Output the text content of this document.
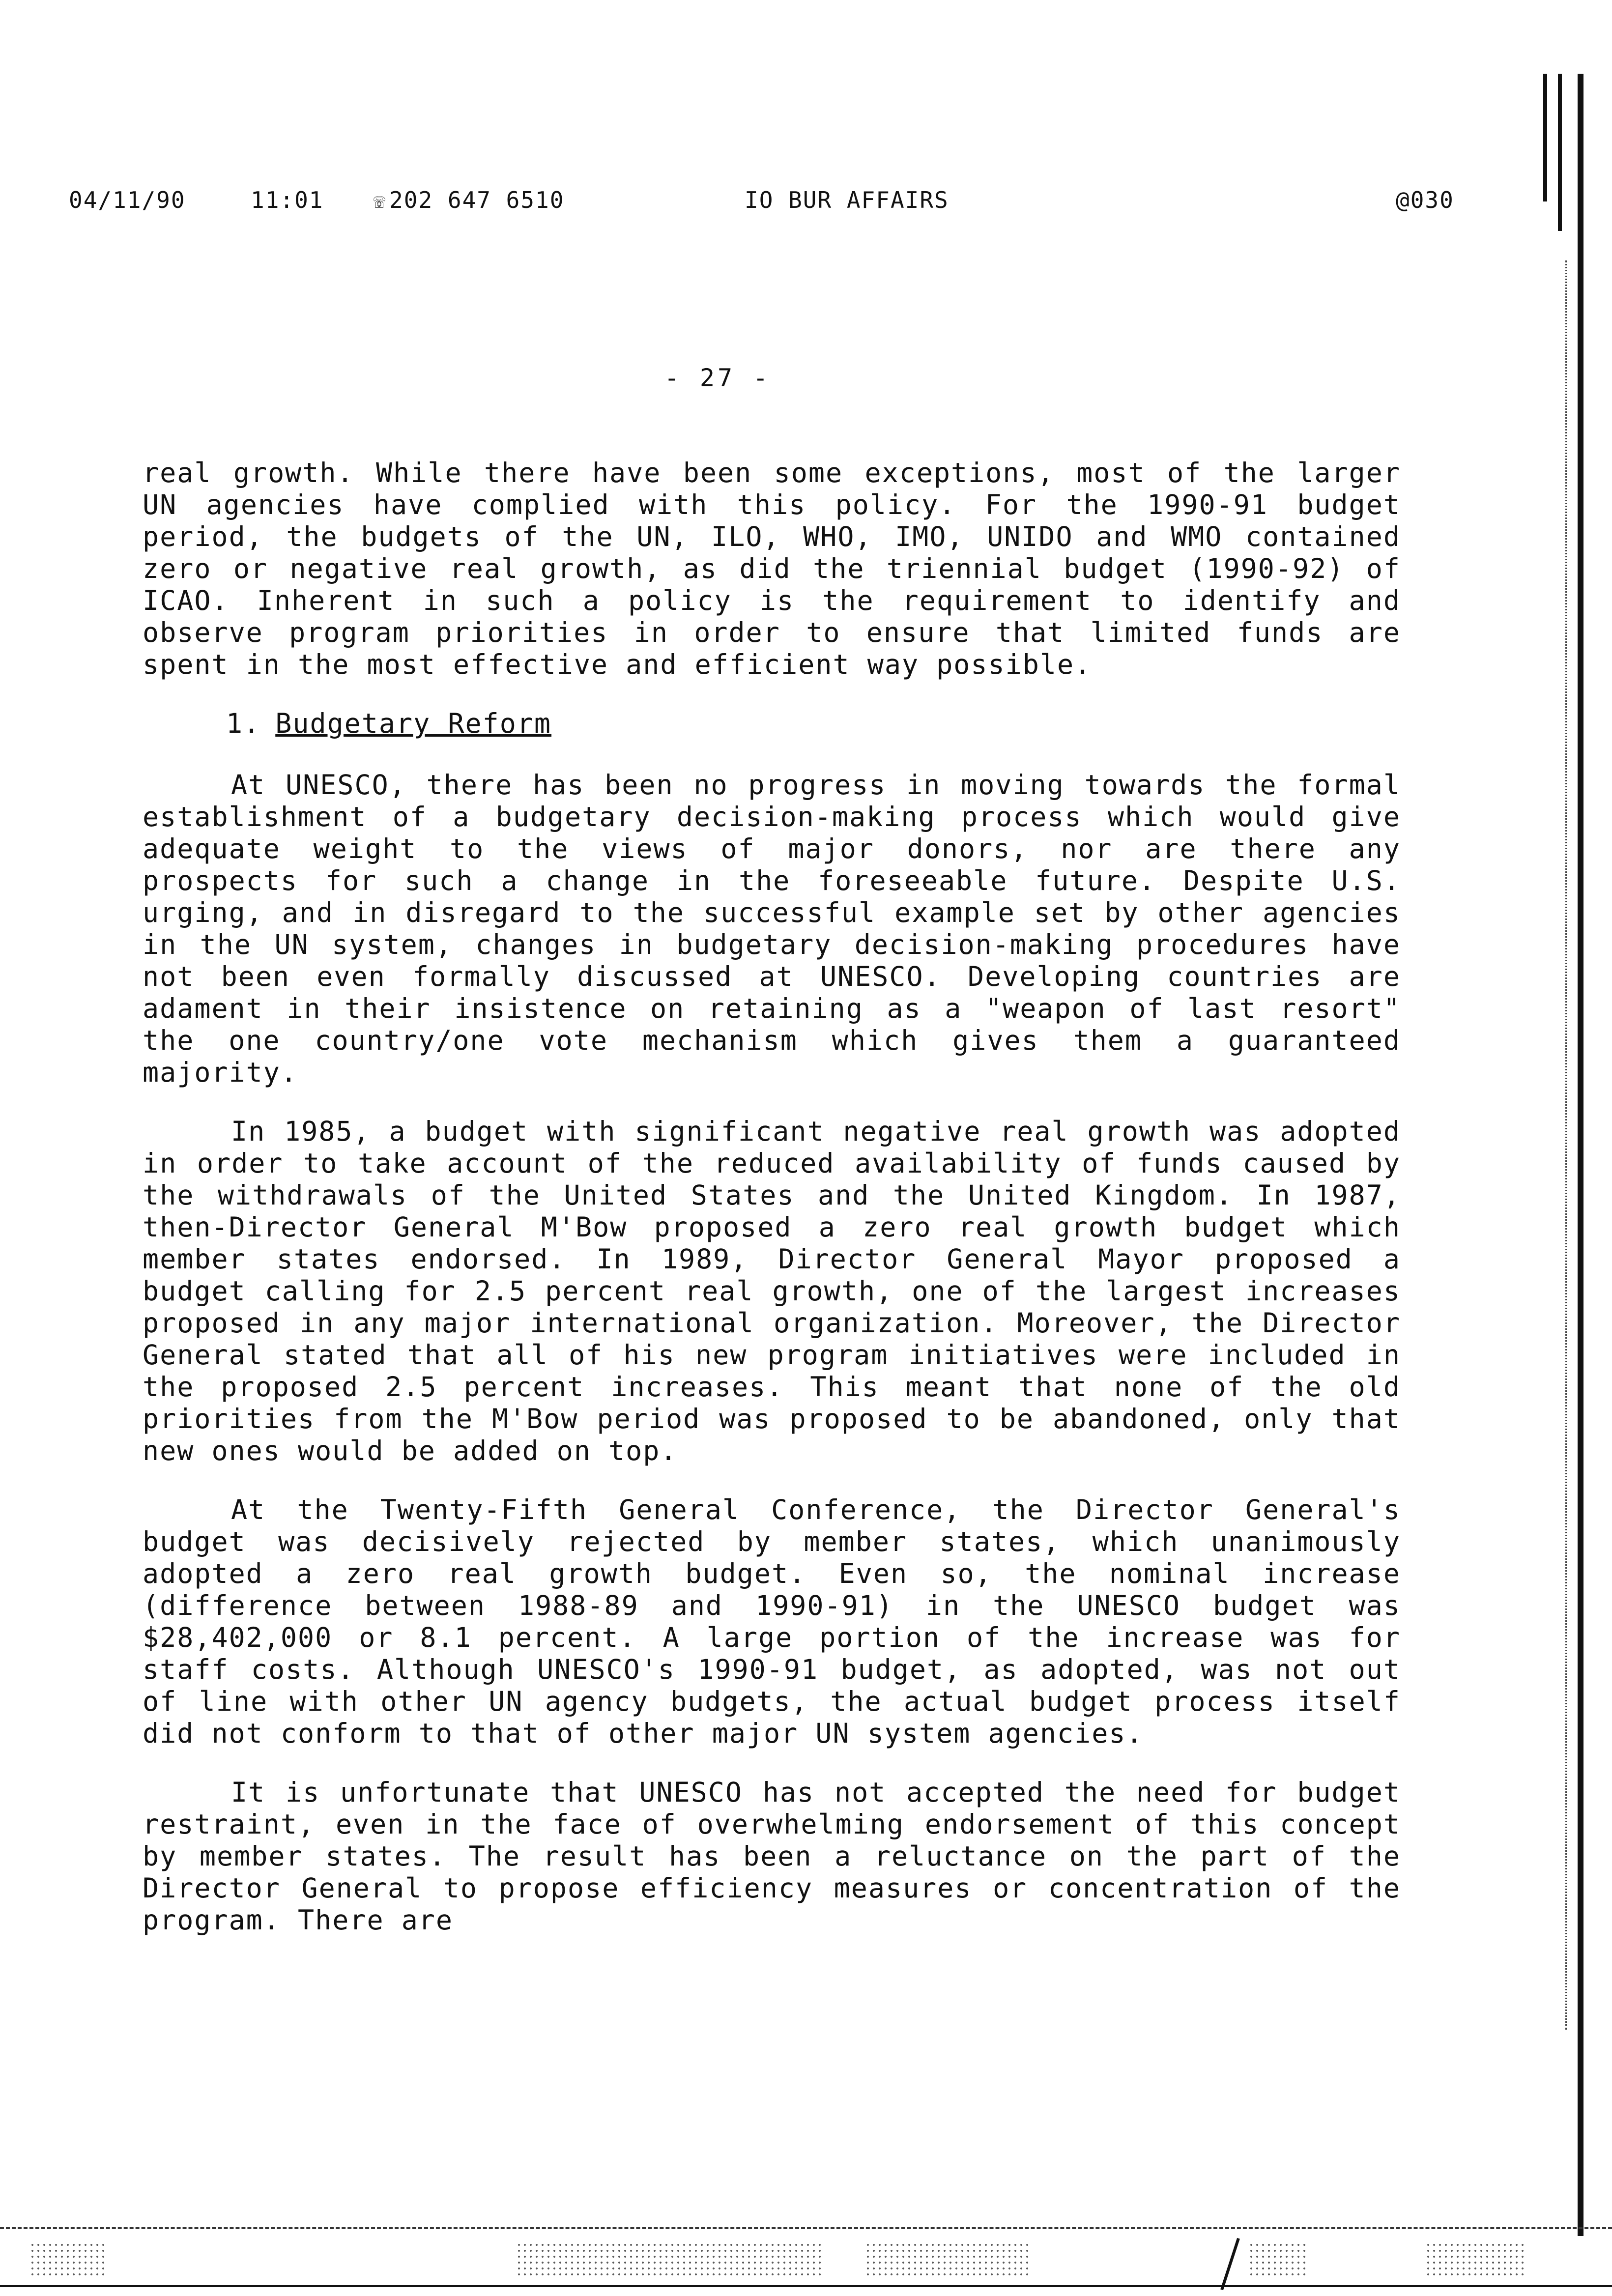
04/11/90	11:01	☏ 202 647 6510	IO BUR AFFAIRS	@030
- 27 -

real growth. While there have been some exceptions, most of the larger UN agencies have complied with this policy. For the 1990-91 budget period, the budgets of the UN, ILO, WHO, IMO, UNIDO and WMO contained zero or negative real growth, as did the triennial budget (1990-92) of ICAO. Inherent in such a policy is the requirement to identify and observe program priorities in order to ensure that limited funds are spent in the most effective and efficient way possible.

1. Budgetary Reform

At UNESCO, there has been no progress in moving towards the formal establishment of a budgetary decision-making process which would give adequate weight to the views of major donors, nor are there any prospects for such a change in the foreseeable future. Despite U.S. urging, and in disregard to the successful example set by other agencies in the UN system, changes in budgetary decision-making procedures have not been even formally discussed at UNESCO. Developing countries are adament in their insistence on retaining as a "weapon of last resort" the one country/one vote mechanism which gives them a guaranteed majority.

In 1985, a budget with significant negative real growth was adopted in order to take account of the reduced availability of funds caused by the withdrawals of the United States and the United Kingdom. In 1987, then-Director General M'Bow proposed a zero real growth budget which member states endorsed. In 1989, Director General Mayor proposed a budget calling for 2.5 percent real growth, one of the largest increases proposed in any major international organization. Moreover, the Director General stated that all of his new program initiatives were included in the proposed 2.5 percent increases. This meant that none of the old priorities from the M'Bow period was proposed to be abandoned, only that new ones would be added on top.

At the Twenty-Fifth General Conference, the Director General's budget was decisively rejected by member states, which unanimously adopted a zero real growth budget. Even so, the nominal increase (difference between 1988-89 and 1990-91) in the UNESCO budget was $28,402,000 or 8.1 percent. A large portion of the increase was for staff costs. Although UNESCO's 1990-91 budget, as adopted, was not out of line with other UN agency budgets, the actual budget process itself did not conform to that of other major UN system agencies.

It is unfortunate that UNESCO has not accepted the need for budget restraint, even in the face of overwhelming endorsement of this concept by member states. The result has been a reluctance on the part of the Director General to propose efficiency measures or concentration of the program. There are
